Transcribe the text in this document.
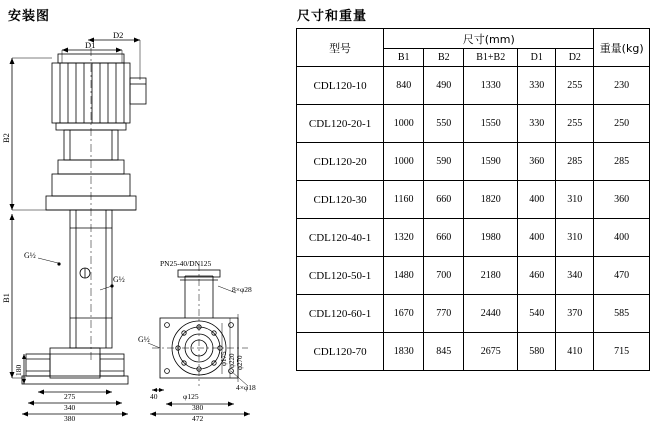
安装图
D2
D1
B2
B1
180
G½
G½
G½
PN25-40/DN125
8×φ28
4×φ18
275
340
380
40	φ125
380
472
φ175 φ220 φ270
尺寸和重量
型号	尺寸(mm)					重量(kg)
	B1	B2	B1+B2	D1	D2	
CDL120-10	840	490	1330	330	255	230
CDL120-20-1	1000	550	1550	330	255	250
CDL120-20	1000	590	1590	360	285	285
CDL120-30	1160	660	1820	400	310	360
CDL120-40-1	1320	660	1980	400	310	400
CDL120-50-1	1480	700	2180	460	340	470
CDL120-60-1	1670	770	2440	540	370	585
CDL120-70	1830	845	2675	580	410	715
